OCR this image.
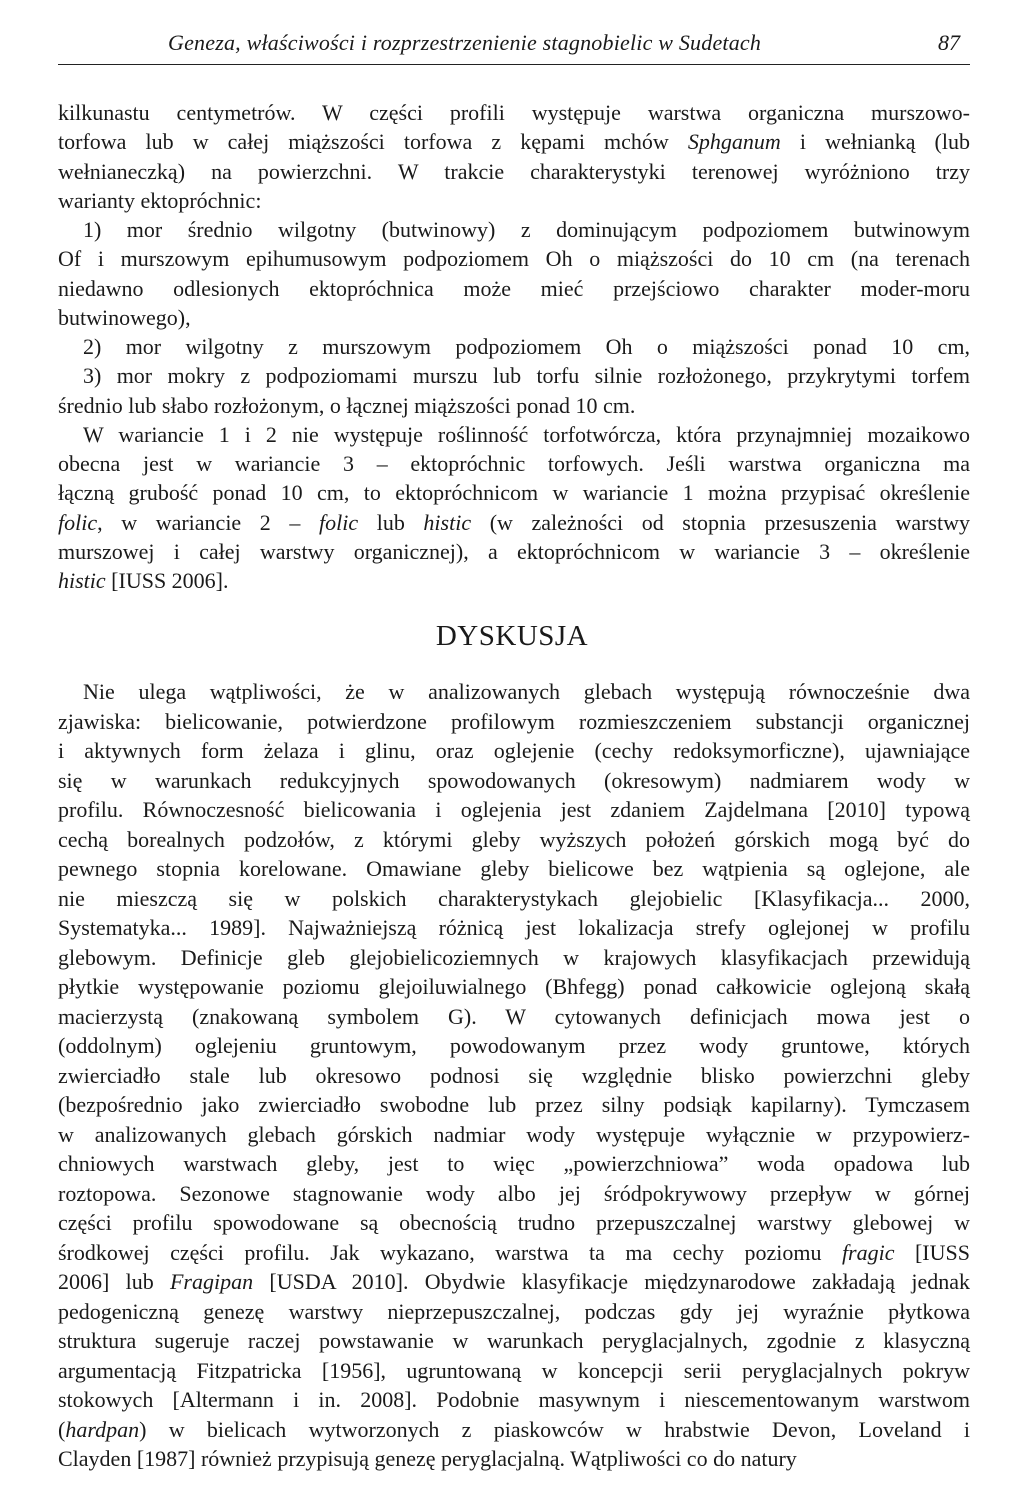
Geneza, właściwości i rozprzestrzenienie stagnobielic w Sudetach	87
kilkunastu centymetrów. W części profili występuje warstwa organiczna murszowo-
torfowa lub w całej miąższości torfowa z kępami mchów Sphganum i wełnianką (lub
wełnianeczką) na powierzchni. W trakcie charakterystyki terenowej wyróżniono trzy
warianty ektopróchnic:
1) mor średnio wilgotny (butwinowy) z dominującym podpoziomem butwinowym
Of i murszowym epihumusowym podpoziomem Oh o miąższości do 10 cm (na terenach
niedawno odlesionych ektopróchnica może mieć przejściowo charakter moder-moru
butwinowego),
2) mor wilgotny z murszowym podpoziomem Oh o miąższości ponad 10 cm,
3) mor mokry z podpoziomami murszu lub torfu silnie rozłożonego, przykrytymi torfem
średnio lub słabo rozłożonym, o łącznej miąższości ponad 10 cm.
W wariancie 1 i 2 nie występuje roślinność torfotwórcza, która przynajmniej mozaikowo
obecna jest w wariancie 3 – ektopróchnic torfowych. Jeśli warstwa organiczna ma
łączną grubość ponad 10 cm, to ektopróchnicom w wariancie 1 można przypisać określenie
folic, w wariancie 2 – folic lub histic (w zależności od stopnia przesuszenia warstwy
murszowej i całej warstwy organicznej), a ektopróchnicom w wariancie 3 – określenie
histic [IUSS 2006].
DYSKUSJA
Nie ulega wątpliwości, że w analizowanych glebach występują równocześnie dwa
zjawiska: bielicowanie, potwierdzone profilowym rozmieszczeniem substancji organicznej
i aktywnych form żelaza i glinu, oraz oglejenie (cechy redoksymorficzne), ujawniające
się w warunkach redukcyjnych spowodowanych (okresowym) nadmiarem wody w
profilu. Równoczesność bielicowania i oglejenia jest zdaniem Zajdelmana [2010] typową
cechą borealnych podzołów, z którymi gleby wyższych położeń górskich mogą być do
pewnego stopnia korelowane. Omawiane gleby bielicowe bez wątpienia są oglejone, ale
nie mieszczą się w polskich charakterystykach glejobielic [Klasyfikacja... 2000,
Systematyka... 1989]. Najważniejszą różnicą jest lokalizacja strefy oglejonej w profilu
glebowym. Definicje gleb glejobielicoziemnych w krajowych klasyfikacjach przewidują
płytkie występowanie poziomu glejoiluwialnego (Bhfegg) ponad całkowicie oglejoną skałą
macierzystą (znakowaną symbolem G). W cytowanych definicjach mowa jest o
(oddolnym) oglejeniu gruntowym, powodowanym przez wody gruntowe, których
zwierciadło stale lub okresowo podnosi się względnie blisko powierzchni gleby
(bezpośrednio jako zwierciadło swobodne lub przez silny podsiąk kapilarny). Tymczasem
w analizowanych glebach górskich nadmiar wody występuje wyłącznie w przypowierz-
chniowych warstwach gleby, jest to więc „powierzchniowa” woda opadowa lub
roztopowa. Sezonowe stagnowanie wody albo jej śródpokrywowy przepływ w górnej
części profilu spowodowane są obecnością trudno przepuszczalnej warstwy glebowej w
środkowej części profilu. Jak wykazano, warstwa ta ma cechy poziomu fragic [IUSS
2006] lub Fragipan [USDA 2010]. Obydwie klasyfikacje międzynarodowe zakładają jednak
pedogeniczną genezę warstwy nieprzepuszczalnej, podczas gdy jej wyraźnie płytkowa
struktura sugeruje raczej powstawanie w warunkach peryglacjalnych, zgodnie z klasyczną
argumentacją Fitzpatricka [1956], ugruntowaną w koncepcji serii peryglacjalnych pokryw
stokowych [Altermann i in. 2008]. Podobnie masywnym i niescementowanym warstwom
(hardpan) w bielicach wytworzonych z piaskowców w hrabstwie Devon, Loveland i
Clayden [1987] również przypisują genezę peryglacjalną. Wątpliwości co do natury
